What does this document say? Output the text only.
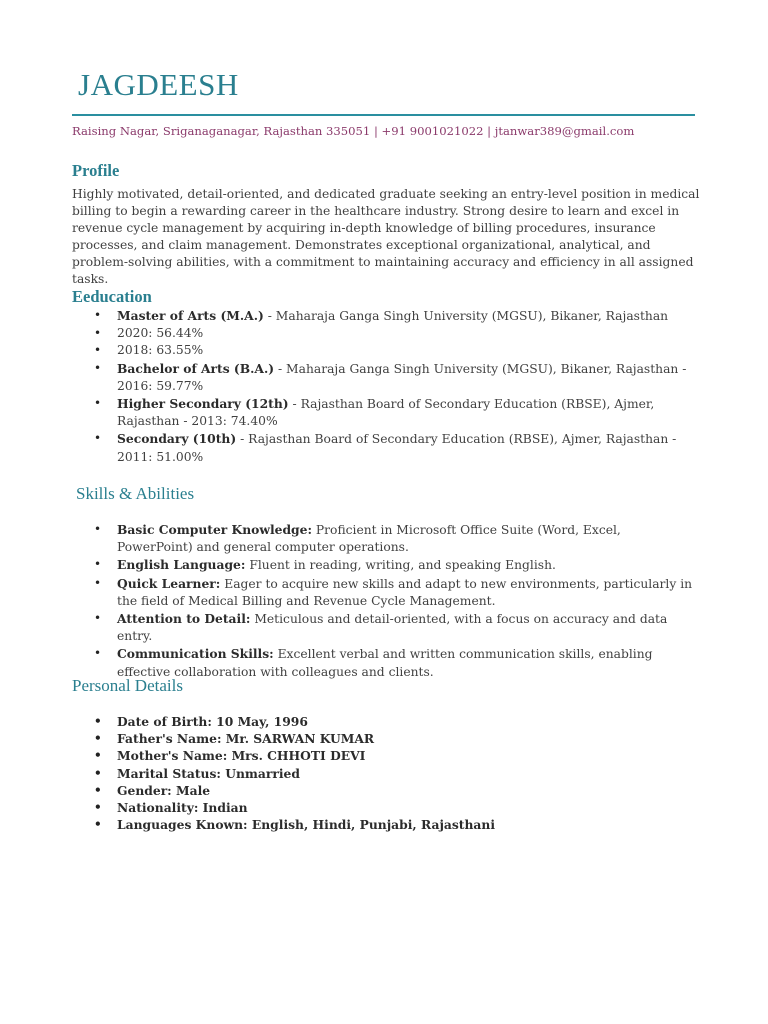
JAGDEESH
Raising Nagar, Sriganaganagar, Rajasthan 335051 | +91 9001021022 | jtanwar389@gmail.com
Profile

Highly motivated, detail-oriented, and dedicated graduate seeking an entry-level position in medical billing to begin a rewarding career in the healthcare industry. Strong desire to learn and excel in revenue cycle management by acquiring in-depth knowledge of billing procedures, insurance processes, and claim management. Demonstrates exceptional organizational, analytical, and problem-solving abilities, with a commitment to maintaining accuracy and efficiency in all assigned tasks.

Eeducation
• Master of Arts (M.A.) - Maharaja Ganga Singh University (MGSU), Bikaner, Rajasthan
• 2020: 56.44%
• 2018: 63.55%
• Bachelor of Arts (B.A.) - Maharaja Ganga Singh University (MGSU), Bikaner, Rajasthan - 2016: 59.77%
• Higher Secondary (12th) - Rajasthan Board of Secondary Education (RBSE), Ajmer, Rajasthan - 2013: 74.40%
• Secondary (10th) - Rajasthan Board of Secondary Education (RBSE), Ajmer, Rajasthan - 2011: 51.00%
Skills & Abilities
• Basic Computer Knowledge: Proficient in Microsoft Office Suite (Word, Excel, PowerPoint) and general computer operations.
• English Language: Fluent in reading, writing, and speaking English.
• Quick Learner: Eager to acquire new skills and adapt to new environments, particularly in the field of Medical Billing and Revenue Cycle Management.
• Attention to Detail: Meticulous and detail-oriented, with a focus on accuracy and data entry.
• Communication Skills: Excellent verbal and written communication skills, enabling effective collaboration with colleagues and clients.
Personal Details
• Date of Birth: 10 May, 1996
• Father's Name: Mr. SARWAN KUMAR
• Mother's Name: Mrs. CHHOTI DEVI
• Marital Status: Unmarried
• Gender: Male
• Nationality: Indian
• Languages Known: English, Hindi, Punjabi, Rajasthani
